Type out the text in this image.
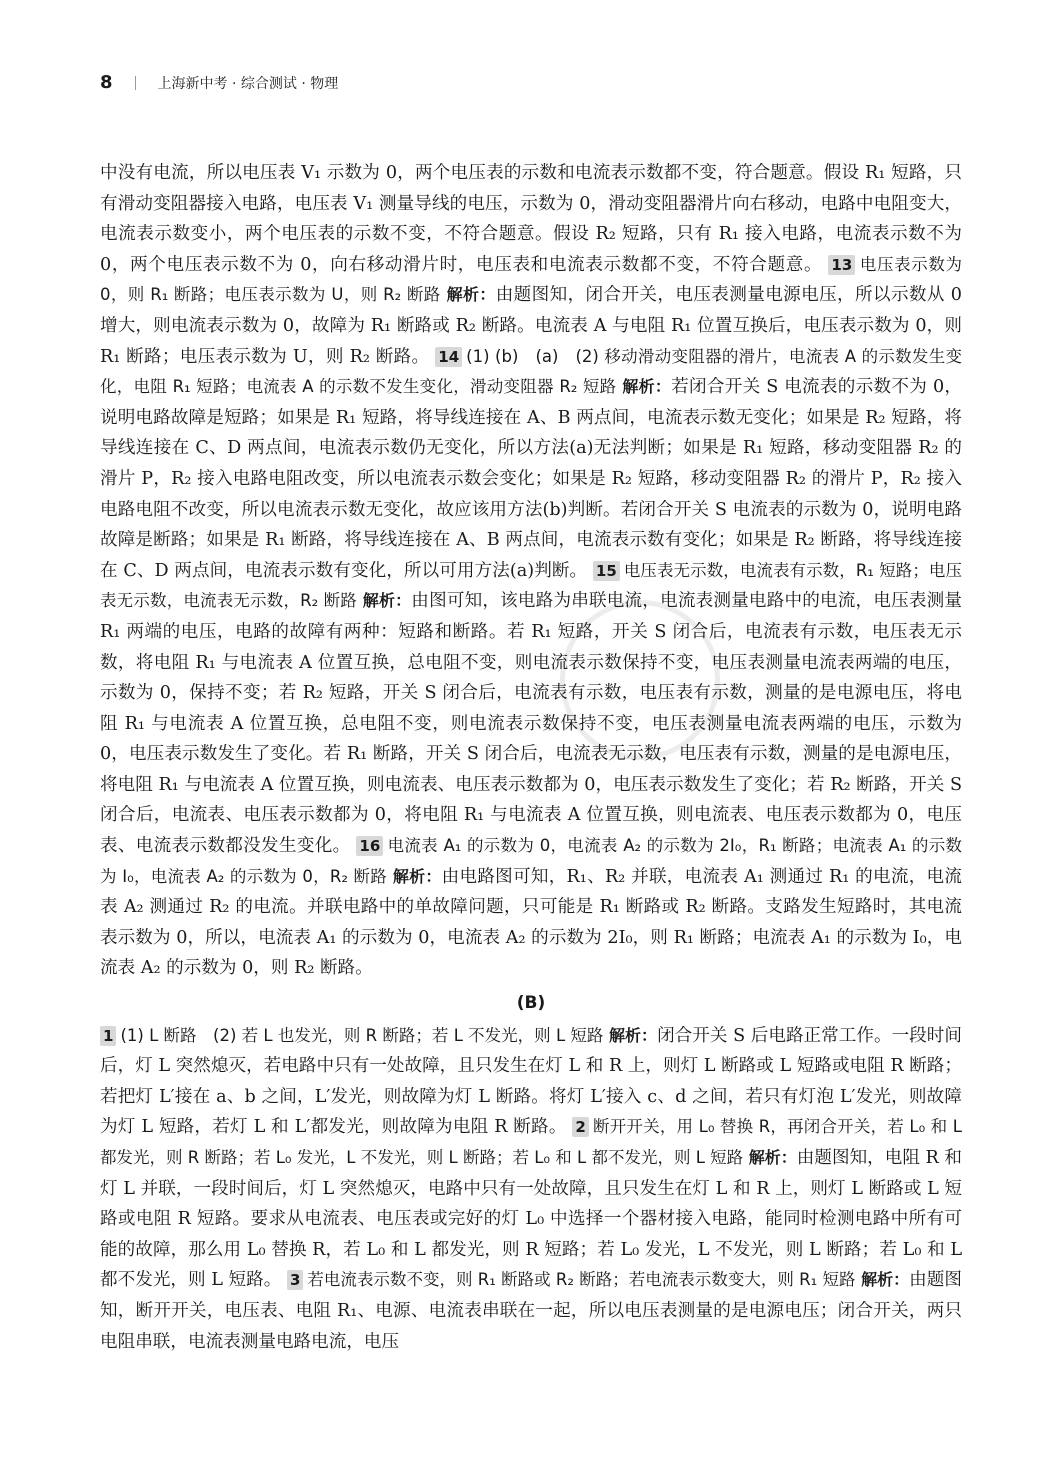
8	上海新中考 · 综合测试 · 物理

中没有电流，所以电压表 V₁ 示数为 0，两个电压表的示数和电流表示数都不变，符合题意。假设 R₁ 短路，只有滑动变阻器接入电路，电压表 V₁ 测量导线的电压，示数为 0，滑动变阻器滑片向右移动，电路中电阻变大，电流表示数变小，两个电压表的示数不变，不符合题意。假设 R₂ 短路，只有 R₁ 接入电路，电流表示数不为 0，两个电压表示数不为 0，向右移动滑片时，电压表和电流表示数都不变，不符合题意。 13 电压表示数为 0，则 R₁ 断路；电压表示数为 U，则 R₂ 断路 解析：由题图知，闭合开关，电压表测量电源电压，所以示数从 0 增大，则电流表示数为 0，故障为 R₁ 断路或 R₂ 断路。电流表 A 与电阻 R₁ 位置互换后，电压表示数为 0，则 R₁ 断路；电压表示数为 U，则 R₂ 断路。 14 (1) (b)　(a)　(2) 移动滑动变阻器的滑片，电流表 A 的示数发生变化，电阻 R₁ 短路；电流表 A 的示数不发生变化，滑动变阻器 R₂ 短路 解析：若闭合开关 S 电流表的示数不为 0，说明电路故障是短路；如果是 R₁ 短路，将导线连接在 A、B 两点间，电流表示数无变化；如果是 R₂ 短路，将导线连接在 C、D 两点间，电流表示数仍无变化，所以方法(a)无法判断；如果是 R₁ 短路，移动变阻器 R₂ 的滑片 P，R₂ 接入电路电阻改变，所以电流表示数会变化；如果是 R₂ 短路，移动变阻器 R₂ 的滑片 P，R₂ 接入电路电阻不改变，所以电流表示数无变化，故应该用方法(b)判断。若闭合开关 S 电流表的示数为 0，说明电路故障是断路；如果是 R₁ 断路，将导线连接在 A、B 两点间，电流表示数有变化；如果是 R₂ 断路，将导线连接在 C、D 两点间，电流表示数有变化，所以可用方法(a)判断。 15 电压表无示数，电流表有示数，R₁ 短路；电压表无示数，电流表无示数，R₂ 断路 解析：由图可知，该电路为串联电流，电流表测量电路中的电流，电压表测量 R₁ 两端的电压，电路的故障有两种：短路和断路。若 R₁ 短路，开关 S 闭合后，电流表有示数，电压表无示数，将电阻 R₁ 与电流表 A 位置互换，总电阻不变，则电流表示数保持不变，电压表测量电流表两端的电压，示数为 0，保持不变；若 R₂ 短路，开关 S 闭合后，电流表有示数，电压表有示数，测量的是电源电压，将电阻 R₁ 与电流表 A 位置互换，总电阻不变，则电流表示数保持不变，电压表测量电流表两端的电压，示数为 0，电压表示数发生了变化。若 R₁ 断路，开关 S 闭合后，电流表无示数，电压表有示数，测量的是电源电压，将电阻 R₁ 与电流表 A 位置互换，则电流表、电压表示数都为 0，电压表示数发生了变化；若 R₂ 断路，开关 S 闭合后，电流表、电压表示数都为 0，将电阻 R₁ 与电流表 A 位置互换，则电流表、电压表示数都为 0，电压表、电流表示数都没发生变化。 16 电流表 A₁ 的示数为 0，电流表 A₂ 的示数为 2I₀，R₁ 断路；电流表 A₁ 的示数为 I₀，电流表 A₂ 的示数为 0，R₂ 断路 解析：由电路图可知，R₁、R₂ 并联，电流表 A₁ 测通过 R₁ 的电流，电流表 A₂ 测通过 R₂ 的电流。并联电路中的单故障问题，只可能是 R₁ 断路或 R₂ 断路。支路发生短路时，其电流表示数为 0，所以，电流表 A₁ 的示数为 0，电流表 A₂ 的示数为 2I₀，则 R₁ 断路；电流表 A₁ 的示数为 I₀，电流表 A₂ 的示数为 0，则 R₂ 断路。

(B)

1 (1) L 断路　(2) 若 L 也发光，则 R 断路；若 L 不发光，则 L 短路 解析：闭合开关 S 后电路正常工作。一段时间后，灯 L 突然熄灭，若电路中只有一处故障，且只发生在灯 L 和 R 上，则灯 L 断路或 L 短路或电阻 R 断路；若把灯 L′接在 a、b 之间，L′发光，则故障为灯 L 断路。将灯 L′接入 c、d 之间，若只有灯泡 L′发光，则故障为灯 L 短路，若灯 L 和 L′都发光，则故障为电阻 R 断路。 2 断开开关，用 L₀ 替换 R，再闭合开关，若 L₀ 和 L 都发光，则 R 断路；若 L₀ 发光，L 不发光，则 L 断路；若 L₀ 和 L 都不发光，则 L 短路 解析：由题图知，电阻 R 和灯 L 并联，一段时间后，灯 L 突然熄灭，电路中只有一处故障，且只发生在灯 L 和 R 上，则灯 L 断路或 L 短路或电阻 R 短路。要求从电流表、电压表或完好的灯 L₀ 中选择一个器材接入电路，能同时检测电路中所有可能的故障，那么用 L₀ 替换 R，若 L₀ 和 L 都发光，则 R 短路；若 L₀ 发光，L 不发光，则 L 断路；若 L₀ 和 L 都不发光，则 L 短路。 3 若电流表示数不变，则 R₁ 断路或 R₂ 断路；若电流表示数变大，则 R₁ 短路 解析：由题图知，断开开关，电压表、电阻 R₁、电源、电流表串联在一起，所以电压表测量的是电源电压；闭合开关，两只电阻串联，电流表测量电路电流，电压
